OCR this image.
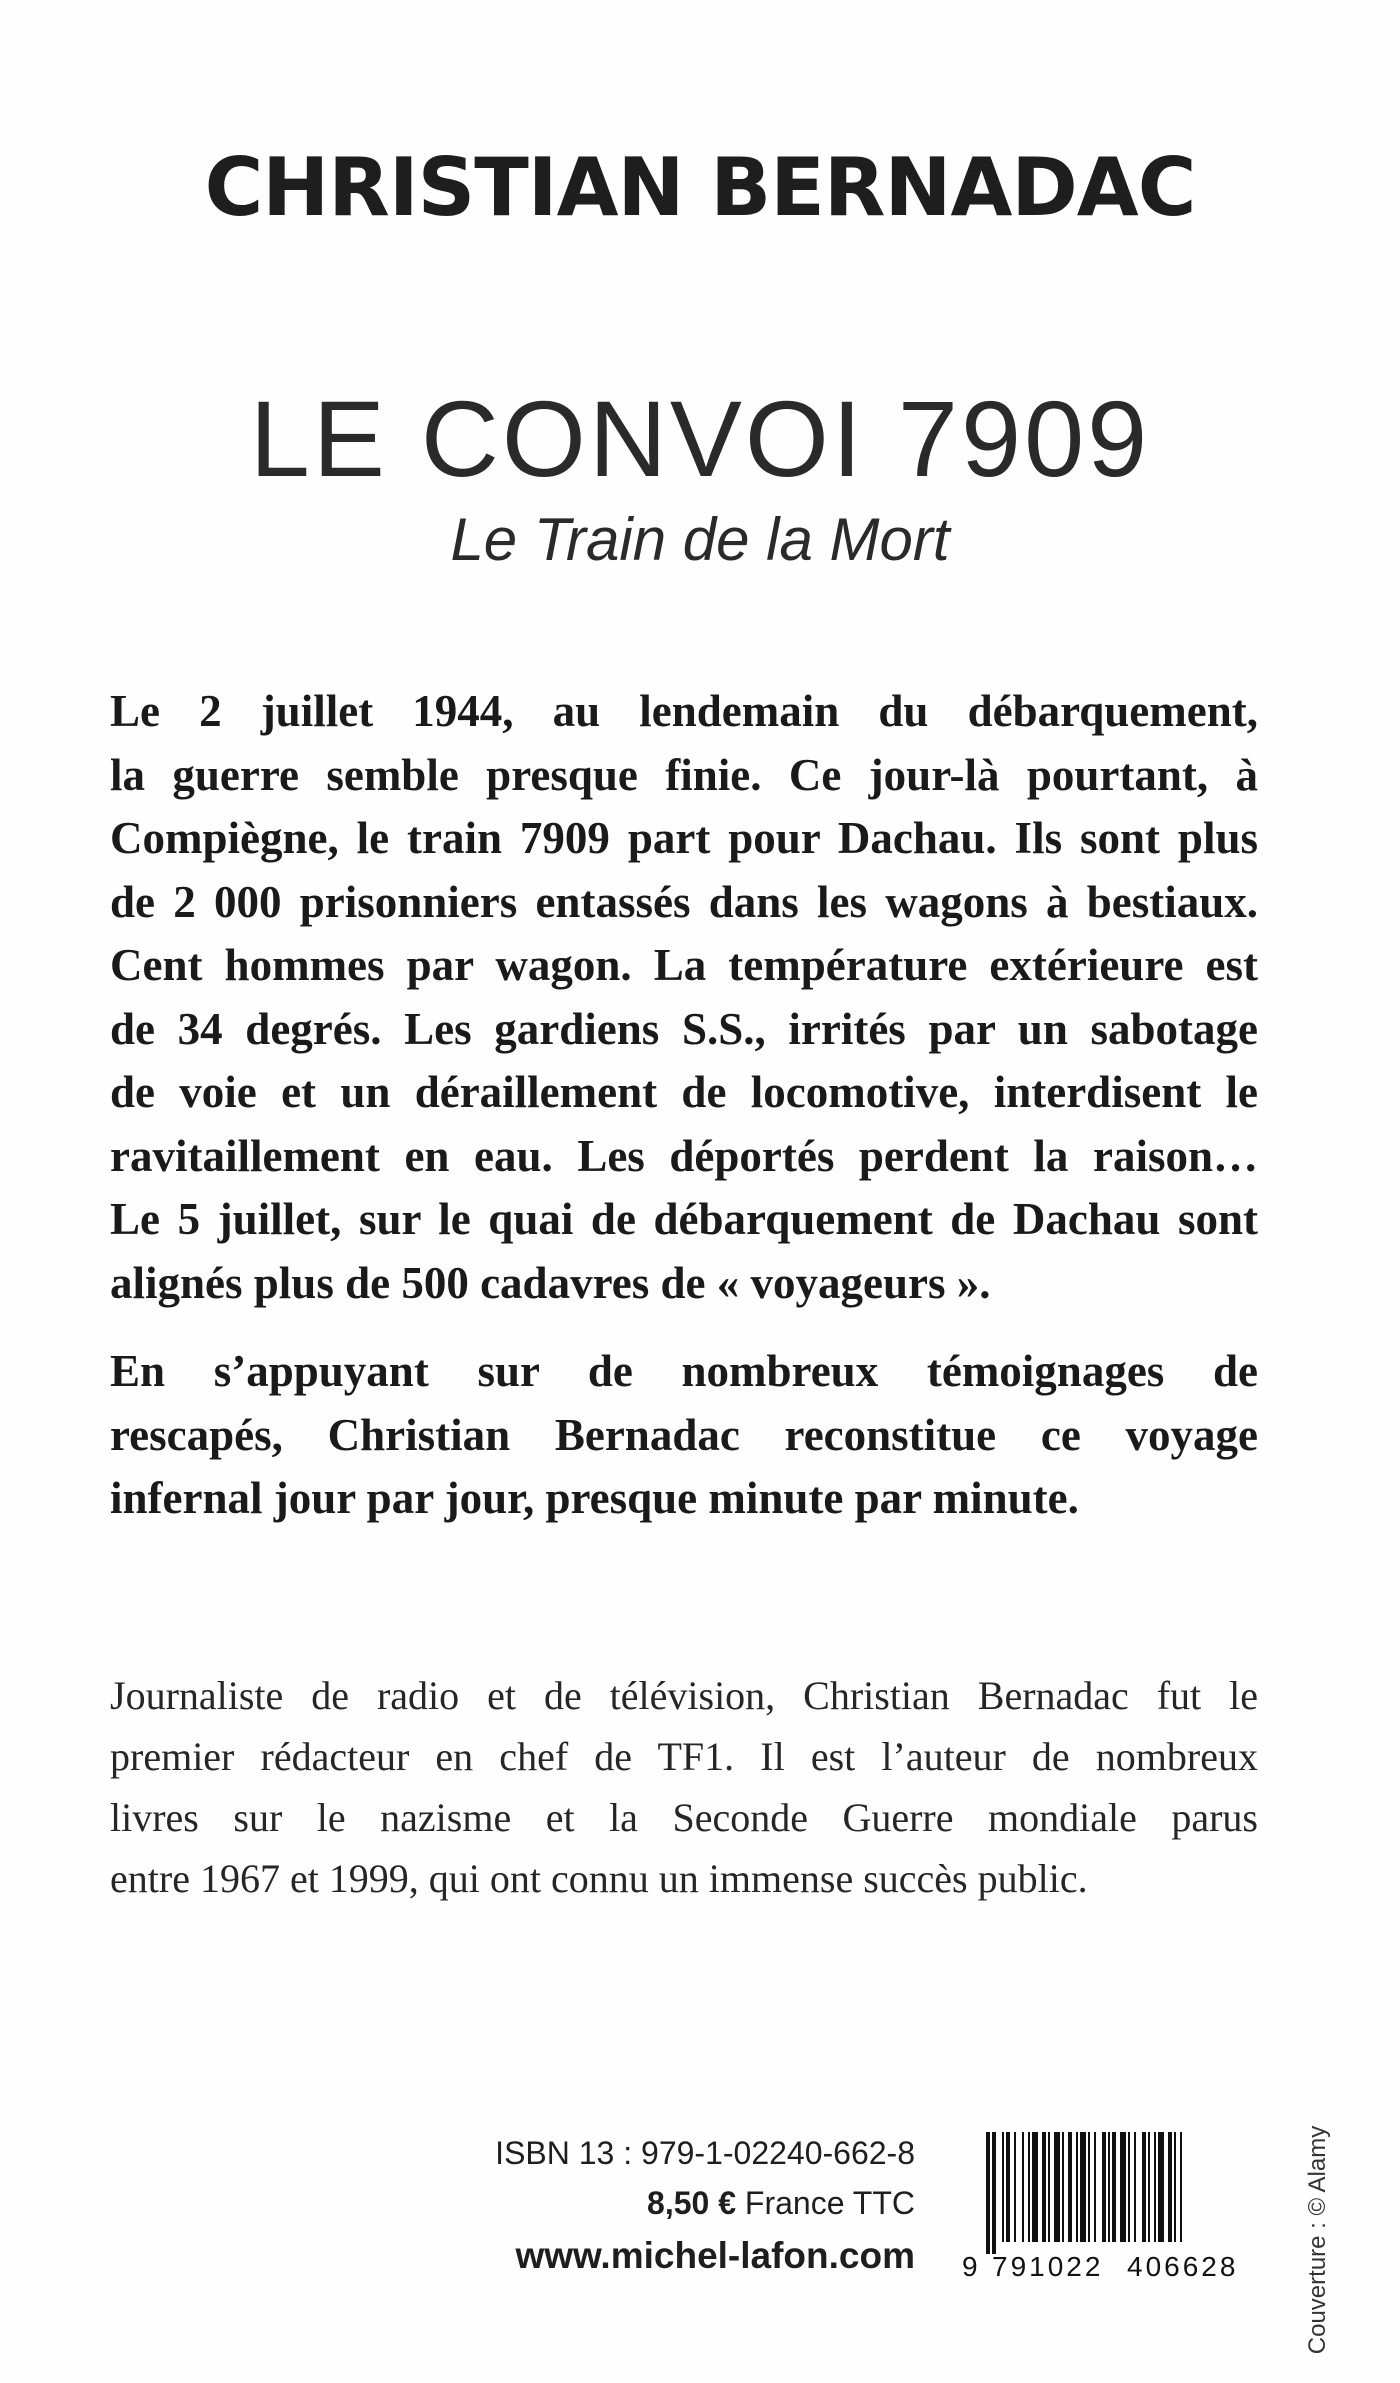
CHRISTIAN BERNADAC
LE CONVOI 7909
Le Train de la Mort

Le 2 juillet 1944, au lendemain du débarquement,
la guerre semble presque finie. Ce jour-là pourtant, à
Compiègne, le train 7909 part pour Dachau. Ils sont plus
de 2 000 prisonniers entassés dans les wagons à bestiaux.
Cent hommes par wagon. La température extérieure est
de 34 degrés. Les gardiens S.S., irrités par un sabotage
de voie et un déraillement de locomotive, interdisent le
ravitaillement en eau. Les déportés perdent la raison…
Le 5 juillet, sur le quai de débarquement de Dachau sont
alignés plus de 500 cadavres de « voyageurs ».

En s’appuyant sur de nombreux témoignages de
rescapés, Christian Bernadac reconstitue ce voyage
infernal jour par jour, presque minute par minute.

Journaliste de radio et de télévision, Christian Bernadac fut le
premier rédacteur en chef de TF1. Il est l’auteur de nombreux
livres sur le nazisme et la Seconde Guerre mondiale parus
entre 1967 et 1999, qui ont connu un immense succès public.

ISBN 13 : 979-1-02240-662-8
8,50 € France TTC
www.michel-lafon.com 9 791022 406628	Couverture : © Alamy
